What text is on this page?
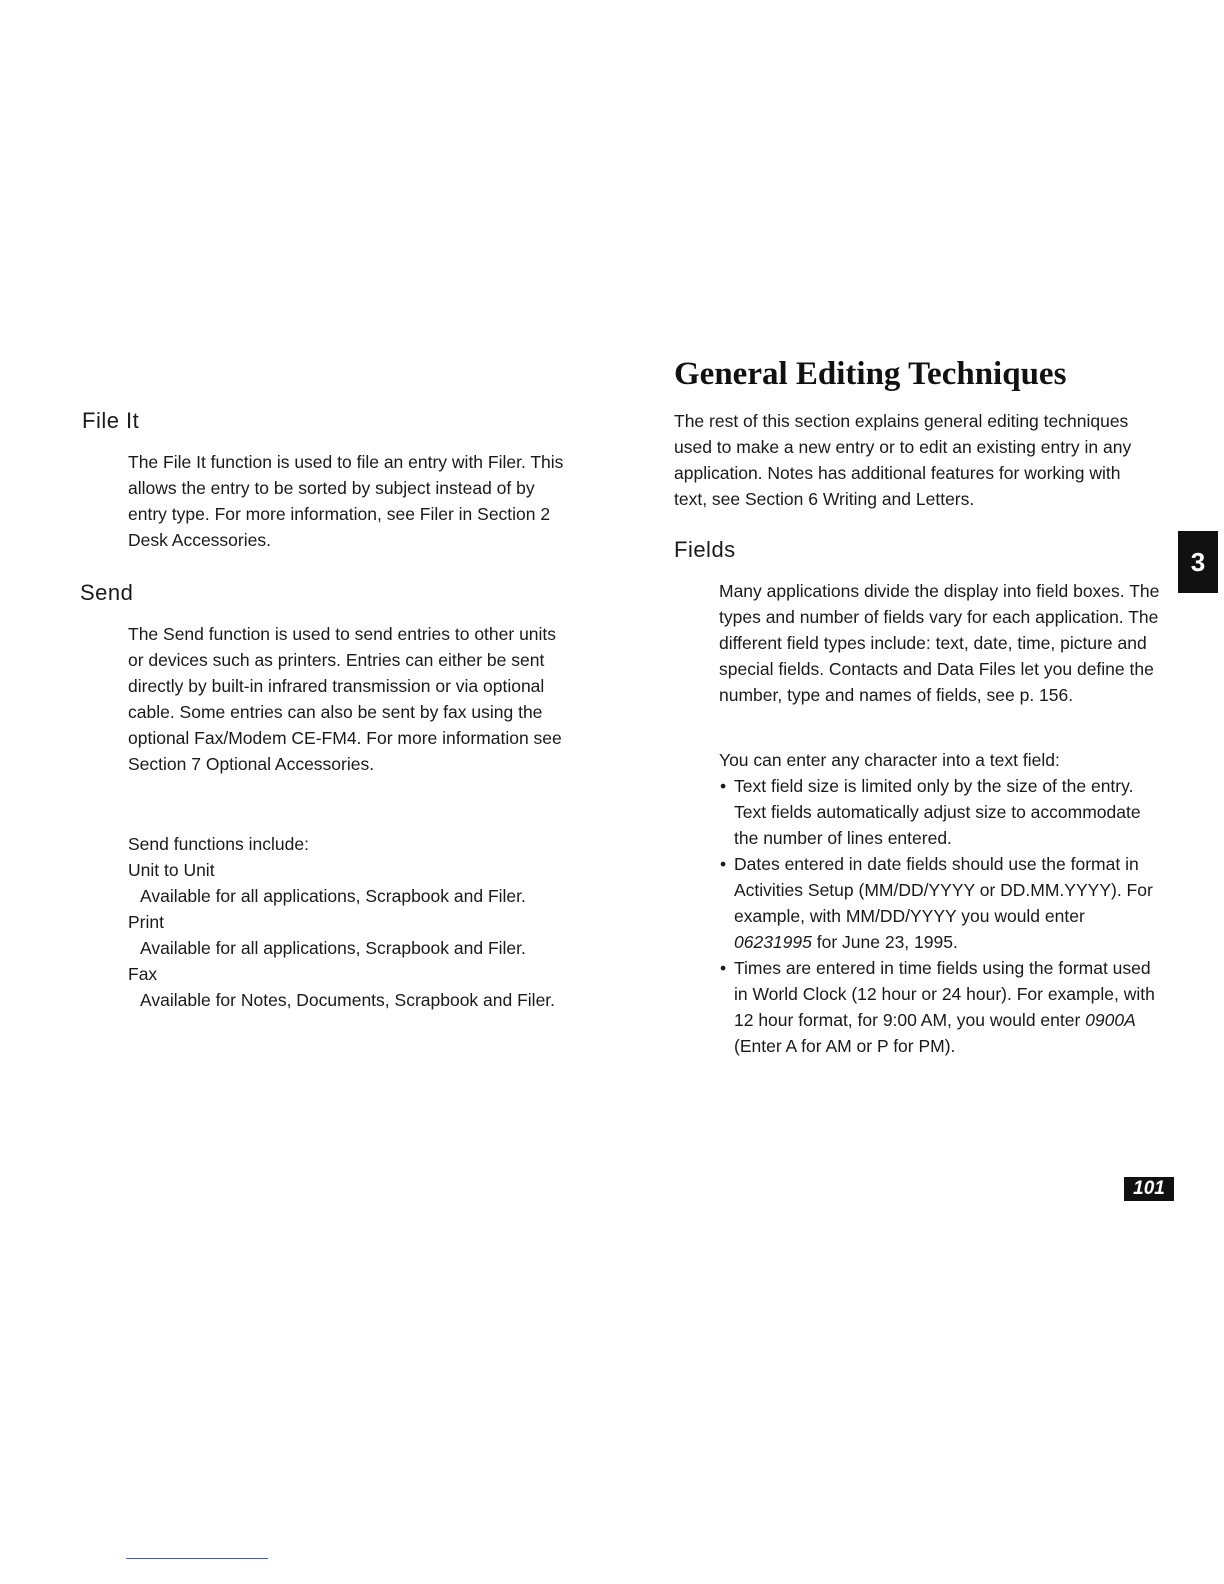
File It

The File It function is used to file an entry with Filer. This allows the entry to be sorted by subject instead of by entry type. For more information, see Filer in Section 2 Desk Accessories.

Send

The Send function is used to send entries to other units or devices such as printers. Entries can either be sent directly by built-in infrared transmission or via optional cable. Some entries can also be sent by fax using the optional Fax/Modem CE-FM4. For more information see Section 7 Optional Accessories.

Send functions include:

Unit to Unit

Available for all applications, Scrapbook and Filer.

Print

Available for all applications, Scrapbook and Filer.

Fax

Available for Notes, Documents, Scrapbook and Filer.

General Editing Techniques

The rest of this section explains general editing techniques used to make a new entry or to edit an existing entry in any application. Notes has additional features for working with text, see Section 6 Writing and Letters.

Fields

Many applications divide the display into field boxes. The types and number of fields vary for each application. The different field types include: text, date, time, picture and special fields. Contacts and Data Files let you define the number, type and names of fields, see p. 156.

You can enter any character into a text field:

• Text field size is limited only by the size of the entry. Text fields automatically adjust size to accommodate the number of lines entered.
• Dates entered in date fields should use the format in Activities Setup (MM/DD/YYYY or DD.MM.YYYY). For example, with MM/DD/YYYY you would enter 06231995 for June 23, 1995.
• Times are entered in time fields using the format used in World Clock (12 hour or 24 hour). For example, with 12 hour format, for 9:00 AM, you would enter 0900A (Enter A for AM or P for PM).
3
101
